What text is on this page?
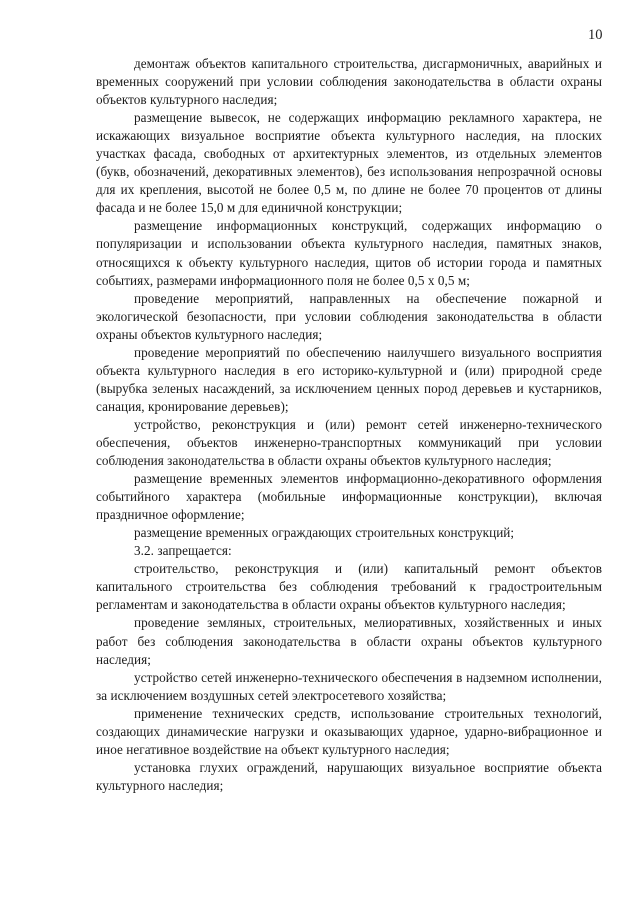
10

демонтаж объектов капитального строительства, дисгармоничных, аварийных и временных сооружений при условии соблюдения законодательства в области охраны объектов культурного наследия;

размещение вывесок, не содержащих информацию рекламного характера, не искажающих визуальное восприятие объекта культурного наследия, на плоских участках фасада, свободных от архитектурных элементов, из отдельных элементов (букв, обозначений, декоративных элементов), без использования непрозрачной основы для их крепления, высотой не более 0,5 м, по длине не более 70 процентов от длины фасада и не более 15,0 м для единичной конструкции;

размещение информационных конструкций, содержащих информацию о популяризации и использовании объекта культурного наследия, памятных знаков, относящихся к объекту культурного наследия, щитов об истории города и памятных событиях, размерами информационного поля не более 0,5 х 0,5 м;

проведение мероприятий, направленных на обеспечение пожарной и экологической безопасности, при условии соблюдения законодательства в области охраны объектов культурного наследия;

проведение мероприятий по обеспечению наилучшего визуального восприятия объекта культурного наследия в его историко-культурной и (или) природной среде (вырубка зеленых насаждений, за исключением ценных пород деревьев и кустарников, санация, кронирование деревьев);

устройство, реконструкция и (или) ремонт сетей инженерно-технического обеспечения, объектов инженерно-транспортных коммуникаций при условии соблюдения законодательства в области охраны объектов культурного наследия;

размещение временных элементов информационно-декоративного оформления событийного характера (мобильные информационные конструкции), включая праздничное оформление;

размещение временных ограждающих строительных конструкций;

3.2. запрещается:

строительство, реконструкция и (или) капитальный ремонт объектов капитального строительства без соблюдения требований к градостроительным регламентам и законодательства в области охраны объектов культурного наследия;

проведение земляных, строительных, мелиоративных, хозяйственных и иных работ без соблюдения законодательства в области охраны объектов культурного наследия;

устройство сетей инженерно-технического обеспечения в надземном исполнении, за исключением воздушных сетей электросетевого хозяйства;

применение технических средств, использование строительных технологий, создающих динамические нагрузки и оказывающих ударное, ударно-вибрационное и иное негативное воздействие на объект культурного наследия;

установка глухих ограждений, нарушающих визуальное восприятие объекта культурного наследия;
